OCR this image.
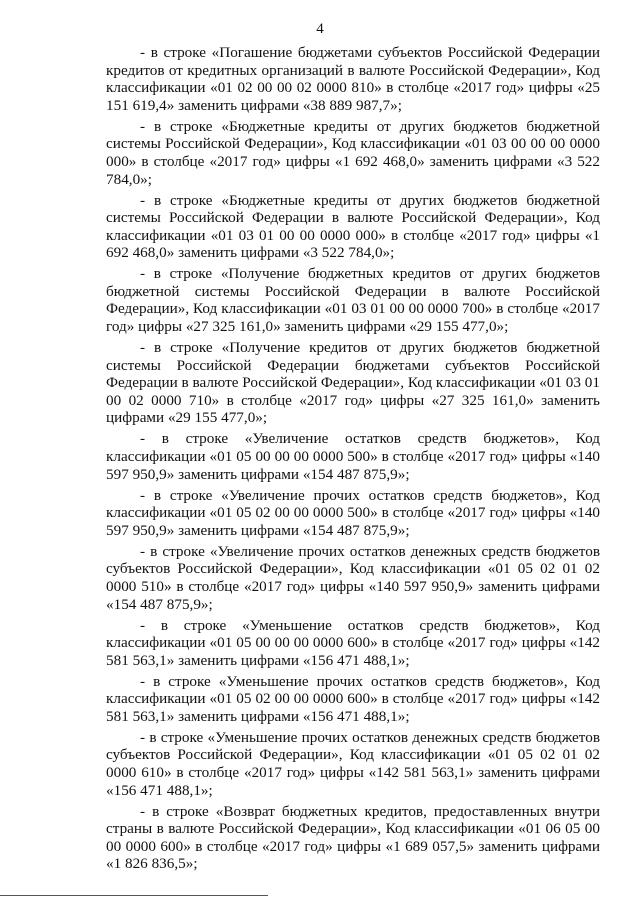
4

- в строке «Погашение бюджетами субъектов Российской Федерации кредитов от кредитных организаций в валюте Российской Федерации», Код классификации «01 02 00 00 02 0000 810» в столбце «2017 год» цифры «25 151 619,4» заменить цифрами «38 889 987,7»;

- в строке «Бюджетные кредиты от других бюджетов бюджетной системы Российской Федерации», Код классификации «01 03 00 00 00 0000 000» в столбце «2017 год» цифры «1 692 468,0» заменить цифрами «3 522 784,0»;

- в строке «Бюджетные кредиты от других бюджетов бюджетной системы Российской Федерации в валюте Российской Федерации», Код классификации «01 03 01 00 00 0000 000» в столбце «2017 год» цифры «1 692 468,0» заменить цифрами «3 522 784,0»;

- в строке «Получение бюджетных кредитов от других бюджетов бюджетной системы Российской Федерации в валюте Российской Федерации», Код классификации «01 03 01 00 00 0000 700» в столбце «2017 год» цифры «27 325 161,0» заменить цифрами «29 155 477,0»;

- в строке «Получение кредитов от других бюджетов бюджетной системы Российской Федерации бюджетами субъектов Российской Федерации в валюте Российской Федерации», Код классификации «01 03 01 00 02 0000 710» в столбце «2017 год» цифры «27 325 161,0» заменить цифрами «29 155 477,0»;

- в строке «Увеличение остатков средств бюджетов», Код классификации «01 05 00 00 00 0000 500» в столбце «2017 год» цифры «140 597 950,9» заменить цифрами «154 487 875,9»;

- в строке «Увеличение прочих остатков средств бюджетов», Код классификации «01 05 02 00 00 0000 500» в столбце «2017 год» цифры «140 597 950,9» заменить цифрами «154 487 875,9»;

- в строке «Увеличение прочих остатков денежных средств бюджетов субъектов Российской Федерации», Код классификации «01 05 02 01 02 0000 510» в столбце «2017 год» цифры «140 597 950,9» заменить цифрами «154 487 875,9»;

- в строке «Уменьшение остатков средств бюджетов», Код классификации «01 05 00 00 00 0000 600» в столбце «2017 год» цифры «142 581 563,1» заменить цифрами «156 471 488,1»;

- в строке «Уменьшение прочих остатков средств бюджетов», Код классификации «01 05 02 00 00 0000 600» в столбце «2017 год» цифры «142 581 563,1» заменить цифрами «156 471 488,1»;

- в строке «Уменьшение прочих остатков денежных средств бюджетов субъектов Российской Федерации», Код классификации «01 05 02 01 02 0000 610» в столбце «2017 год» цифры «142 581 563,1» заменить цифрами «156 471 488,1»;

- в строке «Возврат бюджетных кредитов, предоставленных внутри страны в валюте Российской Федерации», Код классификации «01 06 05 00 00 0000 600» в столбце «2017 год» цифры «1 689 057,5» заменить цифрами «1 826 836,5»;
